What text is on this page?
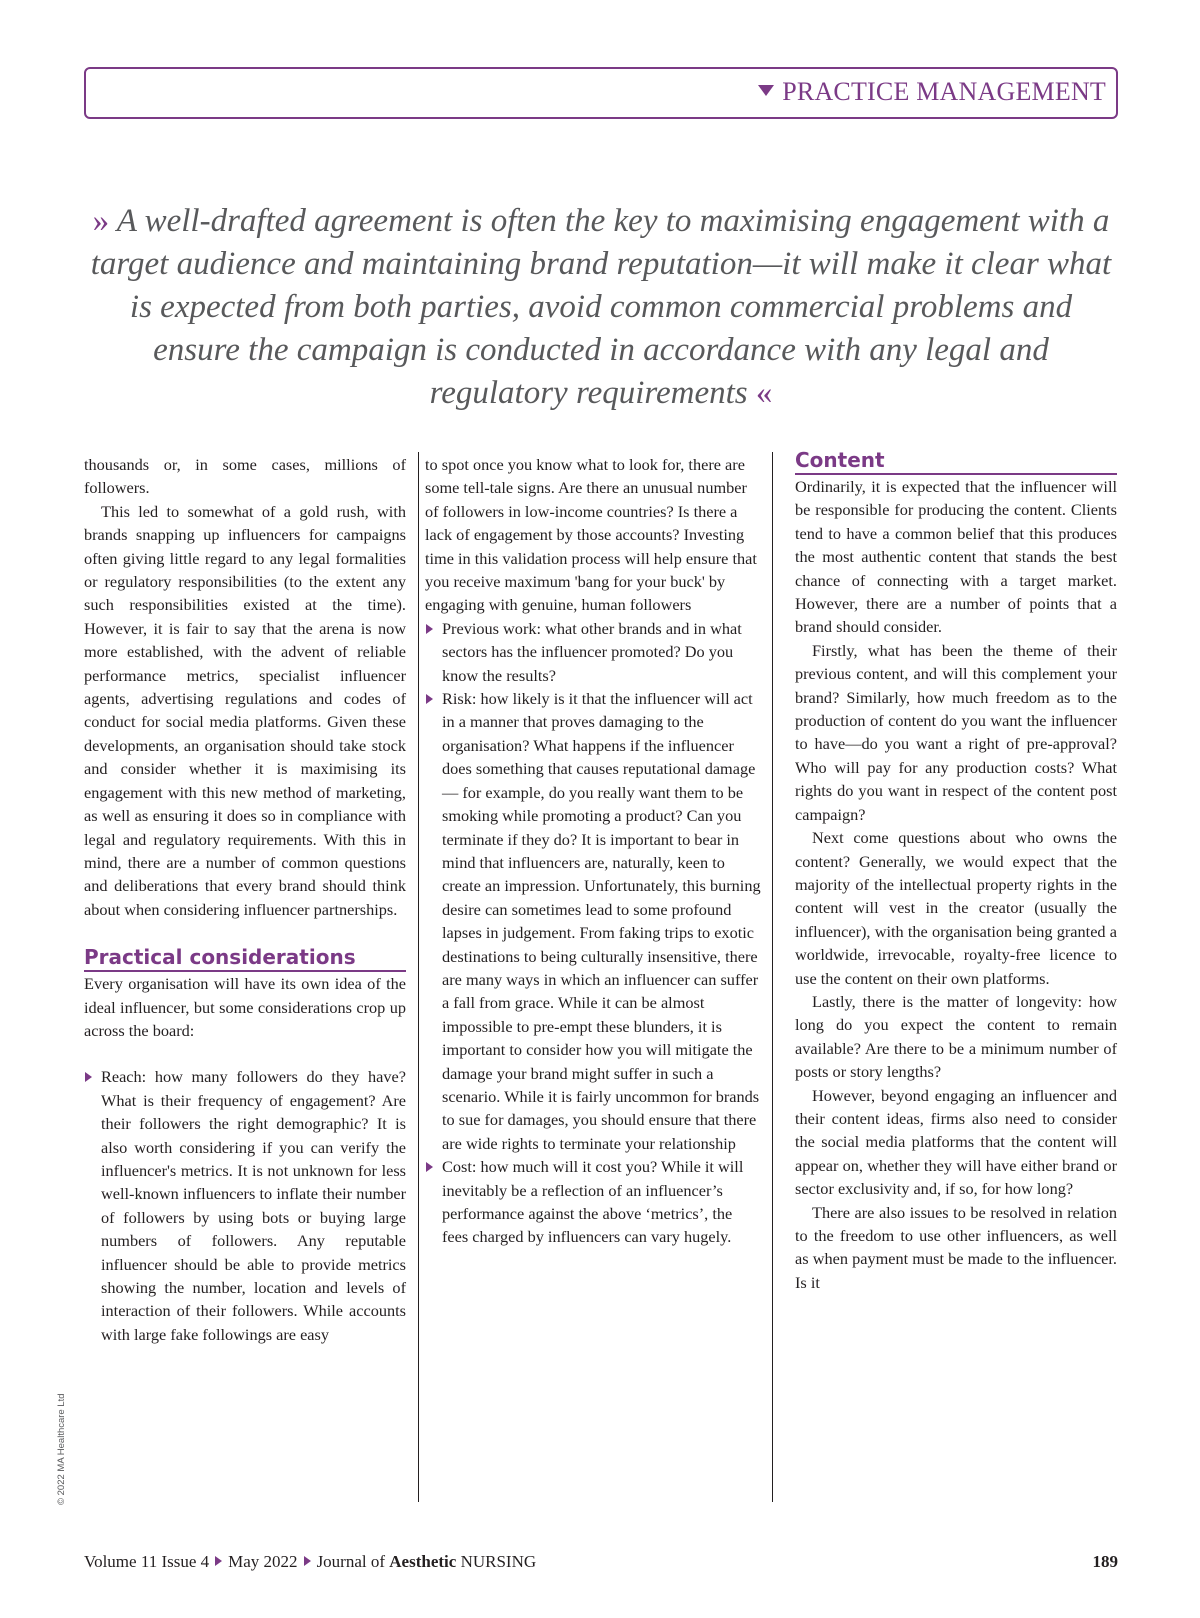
PRACTICE MANAGEMENT
» A well-drafted agreement is often the key to maximising engagement with a target audience and maintaining brand reputation—it will make it clear what is expected from both parties, avoid common commercial problems and ensure the campaign is conducted in accordance with any legal and regulatory requirements «

thousands or, in some cases, millions of followers.

This led to somewhat of a gold rush, with brands snapping up influencers for campaigns often giving little regard to any legal formalities or regulatory responsibilities (to the extent any such responsibilities existed at the time). However, it is fair to say that the arena is now more established, with the advent of reliable performance metrics, specialist influencer agents, advertising regulations and codes of conduct for social media platforms. Given these developments, an organisation should take stock and consider whether it is maximising its engagement with this new method of marketing, as well as ensuring it does so in compliance with legal and regulatory requirements. With this in mind, there are a number of common questions and deliberations that every brand should think about when considering influencer partnerships.

Practical considerations

Every organisation will have its own idea of the ideal influencer, but some considerations crop up across the board:

Reach: how many followers do they have? What is their frequency of engagement? Are their followers the right demographic? It is also worth considering if you can verify the influencer's metrics. It is not unknown for less well-known influencers to inflate their number of followers by using bots or buying large numbers of followers. Any reputable influencer should be able to provide metrics showing the number, location and levels of interaction of their followers. While accounts with large fake followings are easy
to spot once you know what to look for, there are some tell-tale signs. Are there an unusual number of followers in low-income countries? Is there a lack of engagement by those accounts? Investing time in this validation process will help ensure that you receive maximum 'bang for your buck' by engaging with genuine, human followers
Previous work: what other brands and in what sectors has the influencer promoted? Do you know the results?
Risk: how likely is it that the influencer will act in a manner that proves damaging to the organisation? What happens if the influencer does something that causes reputational damage— for example, do you really want them to be smoking while promoting a product? Can you terminate if they do? It is important to bear in mind that influencers are, naturally, keen to create an impression. Unfortunately, this burning desire can sometimes lead to some profound lapses in judgement. From faking trips to exotic destinations to being culturally insensitive, there are many ways in which an influencer can suffer a fall from grace. While it can be almost impossible to pre-empt these blunders, it is important to consider how you will mitigate the damage your brand might suffer in such a scenario. While it is fairly uncommon for brands to sue for damages, you should ensure that there are wide rights to terminate your relationship
Cost: how much will it cost you? While it will inevitably be a reflection of an influencer’s performance against the above ‘metrics’, the fees charged by influencers can vary hugely.
Content

Ordinarily, it is expected that the influencer will be responsible for producing the content. Clients tend to have a common belief that this produces the most authentic content that stands the best chance of connecting with a target market. However, there are a number of points that a brand should consider.

Firstly, what has been the theme of their previous content, and will this complement your brand? Similarly, how much freedom as to the production of content do you want the influencer to have—do you want a right of pre-approval? Who will pay for any production costs? What rights do you want in respect of the content post campaign?

Next come questions about who owns the content? Generally, we would expect that the majority of the intellectual property rights in the content will vest in the creator (usually the influencer), with the organisation being granted a worldwide, irrevocable, royalty-free licence to use the content on their own platforms.

Lastly, there is the matter of longevity: how long do you expect the content to remain available? Are there to be a minimum number of posts or story lengths?

However, beyond engaging an influencer and their content ideas, firms also need to consider the social media platforms that the content will appear on, whether they will have either brand or sector exclusivity and, if so, for how long?

There are also issues to be resolved in relation to the freedom to use other influencers, as well as when payment must be made to the influencer. Is it

© 2022 MA Healthcare Ltd
Volume 11 Issue 4 May 2022 Journal of Aesthetic NURSING	189
